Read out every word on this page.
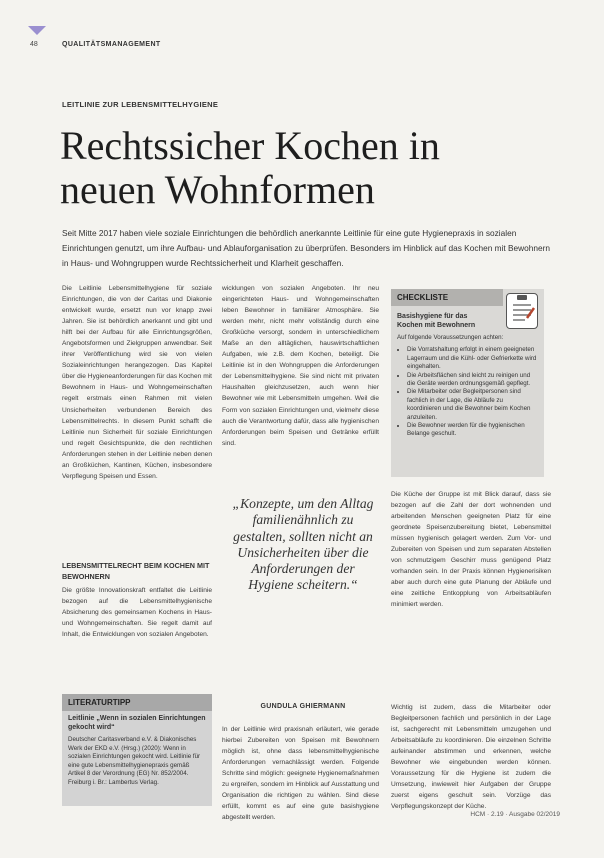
48	QUALITÄTSMANAGEMENT
LEITLINIE ZUR LEBENSMITTELHYGIENE
Rechtssicher Kochen in neuen Wohnformen
Seit Mitte 2017 haben viele soziale Einrichtungen die behördlich anerkannte Leitlinie für eine gute Hygienepraxis in sozialen Einrichtungen genutzt, um ihre Aufbau- und Ablauforganisation zu überprüfen. Besonders im Hinblick auf das Kochen mit Bewohnern in Haus- und Wohngruppen wurde Rechtssicherheit und Klarheit geschaffen.

Die Leitlinie Lebensmittelhygiene für soziale Einrichtungen, die von der Caritas und Diakonie entwickelt wurde, ersetzt nun vor knapp zwei Jahren. Sie ist behördlich anerkannt und gibt und hilft bei der Aufbau für alle Einrichtungsgrößen, Angebotsformen und Zielgruppen anwendbar. Seit ihrer Veröffentlichung wird sie von vielen Sozialeinrichtungen herangezogen. Das Kapitel über die Hygieneanforderungen für das Kochen mit Bewohnern in Haus- und Wohngemeinschaften regelt erstmals einen Rahmen mit vielen Unsicherheiten verbundenen Bereich des Lebensmittelrechts. In diesem Punkt schafft die Leitlinie nun Sicherheit für soziale Einrichtungen und regelt Gesichtspunkte, die den rechtlichen Anforderungen stehen in der Leitlinie neben denen an Großküchen, Kantinen, Küchen, insbesondere Verpflegung Speisen und Essen.

LEBENSMITTELRECHT BEIM KOCHEN MIT BEWOHNERN

Die größte Innovationskraft entfaltet die Leitlinie bezogen auf die Lebensmittelhygienische Absicherung des gemeinsamen Kochens in Haus- und Wohngemeinschaften. Sie regelt damit auf Inhalt, die Entwicklungen von sozialen Angeboten.

wicklungen von sozialen Angeboten. Ihr neu eingerichteten Haus- und Wohngemeinschaften leben Bewohner in familiärer Atmosphäre. Sie werden mehr, nicht mehr vollständig durch eine Großküche versorgt, sondern in unterschiedlichem Maße an den alltäglichen, hauswirtschaftlichen Aufgaben, wie z.B. dem Kochen, beteiligt. Die Leitlinie ist in den Wohngruppen die Anforderungen der Lebensmittelhygiene. Sie sind nicht mit privaten Haushalten gleichzusetzen, auch wenn hier Bewohner wie mit Lebensmitteln umgehen. Weil die Form von sozialen Einrichtungen und, vielmehr diese auch die Verantwortung dafür, dass alle hygienischen Anforderungen beim Speisen und Getränke erfüllt sind.

„Konzepte, um den Alltag familienähnlich zu gestalten, sollten nicht an Unsicherheiten über die Anforderungen der Hygiene scheitern.“
GUNDULA GHIERMANN

In der Leitlinie wird praxisnah erläutert, wie gerade hierbei Zubereiten von Speisen mit Bewohnern möglich ist, ohne dass lebensmittelhygienische Anforderungen vernachlässigt werden. Folgende Schritte sind möglich: geeignete Hygienemaßnahmen zu ergreifen, sondern im Hinblick auf Ausstattung und Organisation die richtigen zu wählen. Sind diese erfüllt, kommt es auf eine gute basishygiene abgestellt werden.

CHECKLISTE
Basishygiene für das Kochen mit Bewohnern
Auf folgende Voraussetzungen achten:
• Die Vorratshaltung erfolgt in einem geeigneten Lagerraum und die Kühl- oder Gefrierkette wird eingehalten.
• Die Arbeitsflächen sind leicht zu reinigen und die Geräte werden ordnungsgemäß gepflegt.
• Die Mitarbeiter oder Begleitpersonen sind fachlich in der Lage, die Abläufe zu koordinieren und die Bewohner beim Kochen anzuleiten.
• Die Bewohner werden für die hygienischen Belange geschult.

Die Küche der Gruppe ist mit Blick darauf, dass sie bezogen auf die Zahl der dort wohnenden und arbeitenden Menschen geeigneten Platz für eine geordnete Speisenzubereitung bietet, Lebensmittel müssen hygienisch gelagert werden. Zum Vor- und Zubereiten von Speisen und zum separaten Abstellen von schmutzigem Geschirr muss genügend Platz vorhanden sein. In der Praxis können Hygienerisiken aber auch durch eine gute Planung der Abläufe und eine zeitliche Entkopplung von Arbeitsabläufen minimiert werden.

Wichtig ist zudem, dass die Mitarbeiter oder Begleitpersonen fachlich und persönlich in der Lage ist, sachgerecht mit Lebensmitteln umzugehen und Arbeitsabläufe zu koordinieren. Die einzelnen Schritte aufeinander abstimmen und erkennen, welche Bewohner wie eingebunden werden können. Voraussetzung für die Hygiene ist zudem die Umsetzung, inwieweit hier Aufgaben der Gruppe zuerst eigens geschult sein. Vorzüge das Verpflegungskonzept der Küche.

LITERATURTIPP
Leitlinie „Wenn in sozialen Einrichtungen gekocht wird“
Deutscher Caritasverband e.V. & Diakonisches Werk der EKD e.V. (Hrsg.) (2020): Wenn in sozialen Einrichtungen gekocht wird. Leitlinie für eine gute Lebensmittelhygienepraxis gemäß Artikel 8 der Verordnung (EG) Nr. 852/2004. Freiburg i. Br.: Lambertus Verlag.
HCM · 2.19 · Ausgabe 02/2019
